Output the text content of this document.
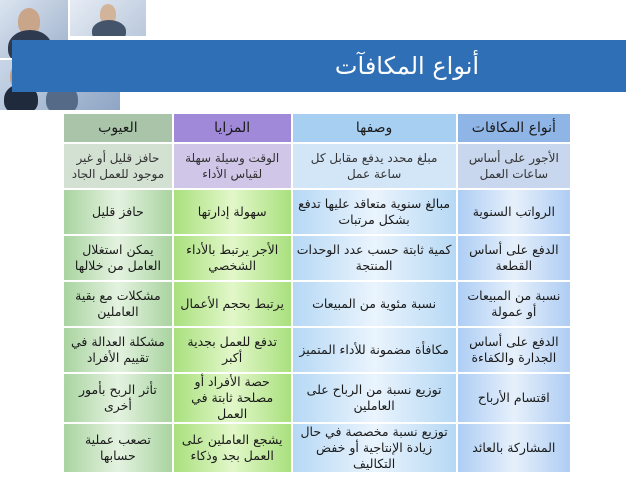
أنواع المكافآت
أنواع المكافات	وصفها	المزايا	العيوب
الأجور على أساس ساعات العمل	مبلغ محدد يدفع مقابل كل ساعة عمل	الوقت وسيلة سهلة لقياس الأداء	حافز قليل أو غير موجود للعمل الجاد
الرواتب السنوية	مبالغ سنوية متعاقد عليها تدفع بشكل مرتبات	سهولة إدارتها	حافز قليل
الدفع على أساس القطعة	كمية ثابتة حسب عدد الوحدات المنتجة	الأجر يرتبط بالأداء الشخصي	يمكن استغلال العامل من خلالها
نسبة من المبيعات أو عمولة	نسبة مئوية من المبيعات	يرتبط بحجم الأعمال	مشكلات مع بقية العاملين
الدفع على أساس الجدارة والكفاءة	مكافأة مضمونة للأداء المتميز	تدفع للعمل بجدية أكبر	مشكلة العدالة في تقييم الأفراد
اقتسام الأرباح	توزيع نسبة من الرباح على العاملين	حصة الأفراد أو مصلحة ثابتة في العمل	تأثر الربح بأمور أخرى
المشاركة بالعائد	توزيع نسبة مخصصة في حال زيادة الإنتاجية أو خفض التكاليف	يشجع العاملين على العمل بجد وذكاء	تصعب عملية حسابها
